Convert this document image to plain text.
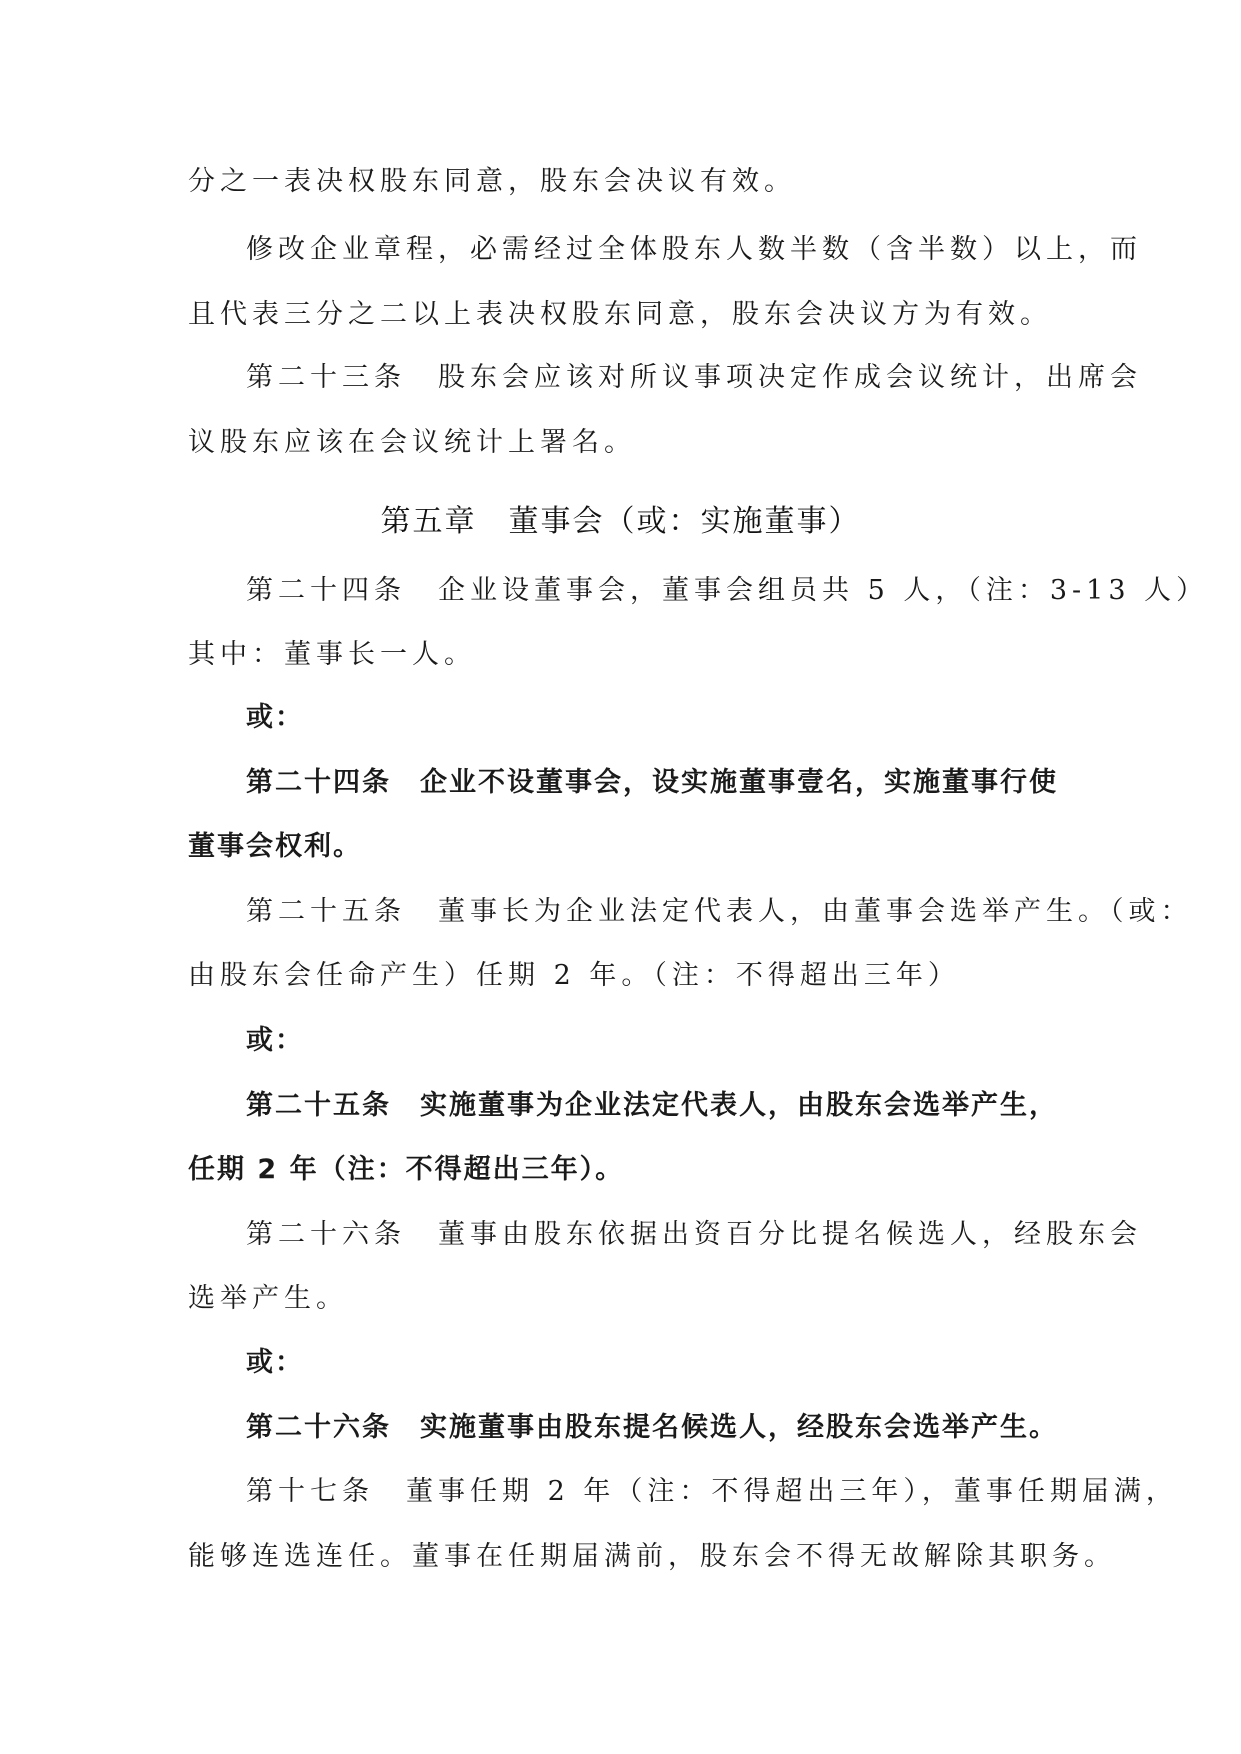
分之一表决权股东同意，股东会决议有效。
修改企业章程，必需经过全体股东人数半数（含半数）以上，而
且代表三分之二以上表决权股东同意，股东会决议方为有效。
第二十三条　股东会应该对所议事项决定作成会议统计，出席会
议股东应该在会议统计上署名。
第五章　董事会（或：实施董事）
第二十四条　企业设董事会，董事会组员共 5 人，（注：3-13 人）
其中：董事长一人。
或：
第二十四条　企业不设董事会，设实施董事壹名，实施董事行使
董事会权利。
第二十五条　董事长为企业法定代表人，由董事会选举产生。（或：
由股东会任命产生）任期 2 年。（注：不得超出三年）
或：
第二十五条　实施董事为企业法定代表人，由股东会选举产生，
任期 2 年（注：不得超出三年）。
第二十六条　董事由股东依据出资百分比提名候选人，经股东会
选举产生。
或：
第二十六条　实施董事由股东提名候选人，经股东会选举产生。
第十七条　董事任期 2 年（注：不得超出三年），董事任期届满，
能够连选连任。董事在任期届满前，股东会不得无故解除其职务。
